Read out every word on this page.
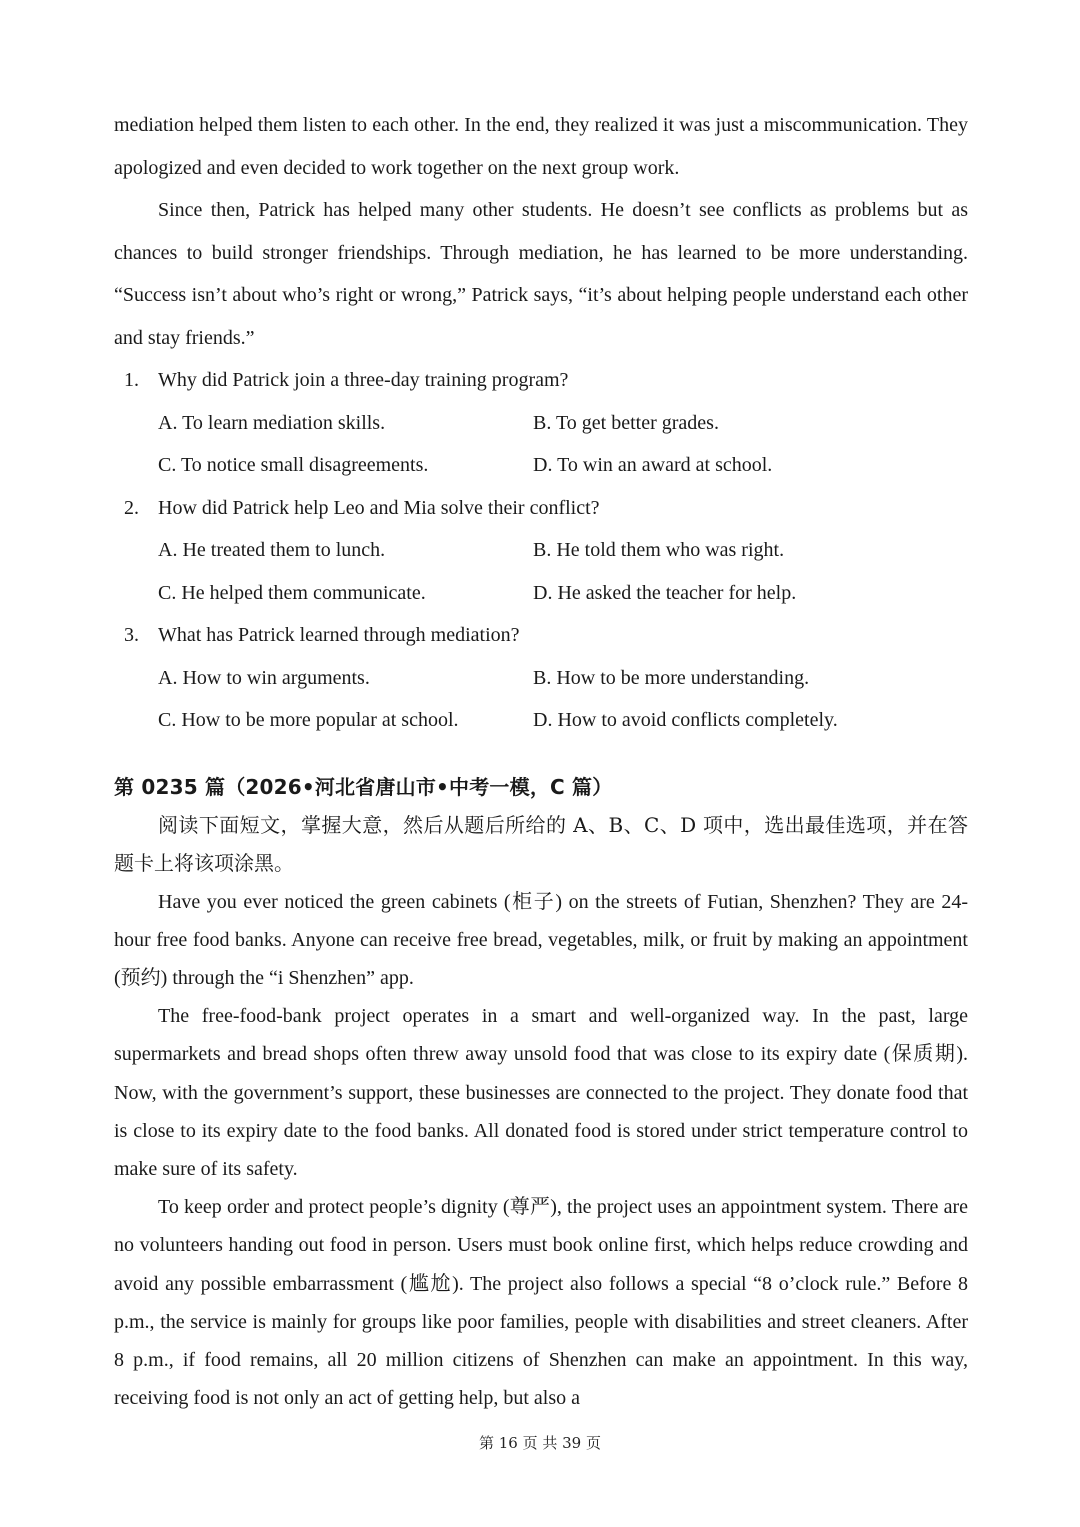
mediation helped them listen to each other. In the end, they realized it was just a miscommunication. They apologized and even decided to work together on the next group work.

Since then, Patrick has helped many other students. He doesn’t see conflicts as problems but as chances to build stronger friendships. Through mediation, he has learned to be more understanding. “Success isn’t about who’s right or wrong,” Patrick says, “it’s about helping people understand each other and stay friends.”

1. Why did Patrick join a three-day training program?

A. To learn mediation skills.	B. To get better grades.
C. To notice small disagreements.	D. To win an award at school.

2. How did Patrick help Leo and Mia solve their conflict?

A. He treated them to lunch.	B. He told them who was right.
C. He helped them communicate.	D. He asked the teacher for help.

3. What has Patrick learned through mediation?

A. How to win arguments.	B. How to be more understanding.
C. How to be more popular at school.	D. How to avoid conflicts completely.
第 0235 篇（2026•河北省唐山市•中考一模，C 篇）

阅读下面短文，掌握大意，然后从题后所给的 A、B、C、D 项中，选出最佳选项，并在答题卡上将该项涂黑。

Have you ever noticed the green cabinets (柜子) on the streets of Futian, Shenzhen? They are 24-hour free food banks. Anyone can receive free bread, vegetables, milk, or fruit by making an appointment (预约) through the “i Shenzhen” app.

The free-food-bank project operates in a smart and well-organized way. In the past, large supermarkets and bread shops often threw away unsold food that was close to its expiry date (保质期). Now, with the government’s support, these businesses are connected to the project. They donate food that is close to its expiry date to the food banks. All donated food is stored under strict temperature control to make sure of its safety.

To keep order and protect people’s dignity (尊严), the project uses an appointment system. There are no volunteers handing out food in person. Users must book online first, which helps reduce crowding and avoid any possible embarrassment (尴尬). The project also follows a special “8 o’clock rule.” Before 8 p.m., the service is mainly for groups like poor families, people with disabilities and street cleaners. After 8 p.m., if food remains, all 20 million citizens of Shenzhen can make an appointment. In this way, receiving food is not only an act of getting help, but also a

第 16 页 共 39 页
